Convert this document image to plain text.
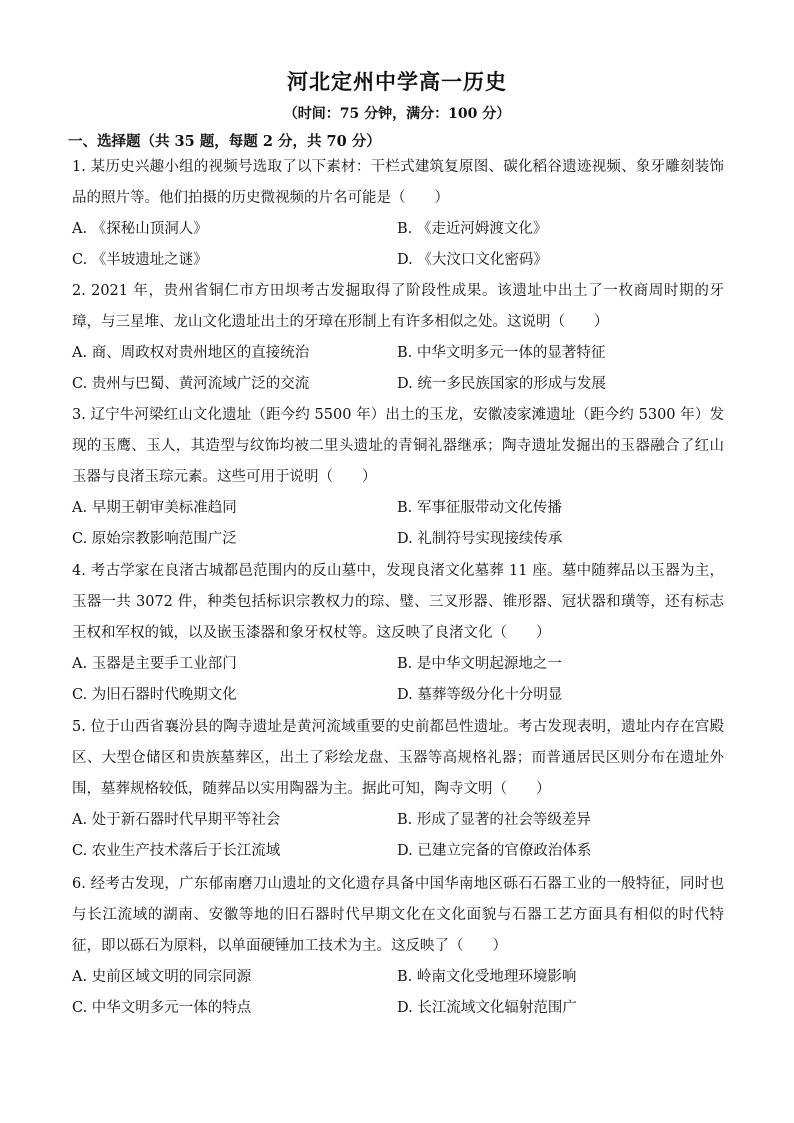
河北定州中学高一历史
（时间：75 分钟，满分：100 分）
一、选择题（共 35 题，每题 2 分，共 70 分）

1. 某历史兴趣小组的视频号选取了以下素材：干栏式建筑复原图、碳化稻谷遗迹视频、象牙雕刻装饰品的照片等。他们拍摄的历史微视频的片名可能是（　　）

A. 《探秘山顶洞人》	B. 《走近河姆渡文化》
C. 《半坡遗址之谜》	D. 《大汶口文化密码》

2. 2021 年，贵州省铜仁市方田坝考古发掘取得了阶段性成果。该遗址中出土了一枚商周时期的牙璋，与三星堆、龙山文化遗址出土的牙璋在形制上有许多相似之处。这说明（　　）

A. 商、周政权对贵州地区的直接统治	B. 中华文明多元一体的显著特征
C. 贵州与巴蜀、黄河流域广泛的交流	D. 统一多民族国家的形成与发展

3. 辽宁牛河梁红山文化遗址（距今约 5500 年）出土的玉龙，安徽凌家滩遗址（距今约 5300 年）发现的玉鹰、玉人，其造型与纹饰均被二里头遗址的青铜礼器继承；陶寺遗址发掘出的玉器融合了红山玉器与良渚玉琮元素。这些可用于说明（　　）

A. 早期王朝审美标准趋同	B. 军事征服带动文化传播
C. 原始宗教影响范围广泛	D. 礼制符号实现接续传承

4. 考古学家在良渚古城都邑范围内的反山墓中，发现良渚文化墓葬 11 座。墓中随葬品以玉器为主，玉器一共 3072 件，种类包括标识宗教权力的琮、璧、三叉形器、锥形器、冠状器和璜等，还有标志王权和军权的钺，以及嵌玉漆器和象牙权杖等。这反映了良渚文化（　　）

A. 玉器是主要手工业部门	B. 是中华文明起源地之一
C. 为旧石器时代晚期文化	D. 墓葬等级分化十分明显

5. 位于山西省襄汾县的陶寺遗址是黄河流域重要的史前都邑性遗址。考古发现表明，遗址内存在宫殿区、大型仓储区和贵族墓葬区，出土了彩绘龙盘、玉器等高规格礼器；而普通居民区则分布在遗址外围，墓葬规格较低，随葬品以实用陶器为主。据此可知，陶寺文明（　　）

A. 处于新石器时代早期平等社会	B. 形成了显著的社会等级差异
C. 农业生产技术落后于长江流域	D. 已建立完备的官僚政治体系

6. 经考古发现，广东郁南磨刀山遗址的文化遗存具备中国华南地区砾石石器工业的一般特征，同时也与长江流域的湖南、安徽等地的旧石器时代早期文化在文化面貌与石器工艺方面具有相似的时代特征，即以砾石为原料，以单面硬锤加工技术为主。这反映了（　　）

A. 史前区域文明的同宗同源	B. 岭南文化受地理环境影响
C. 中华文明多元一体的特点	D. 长江流域文化辐射范围广
